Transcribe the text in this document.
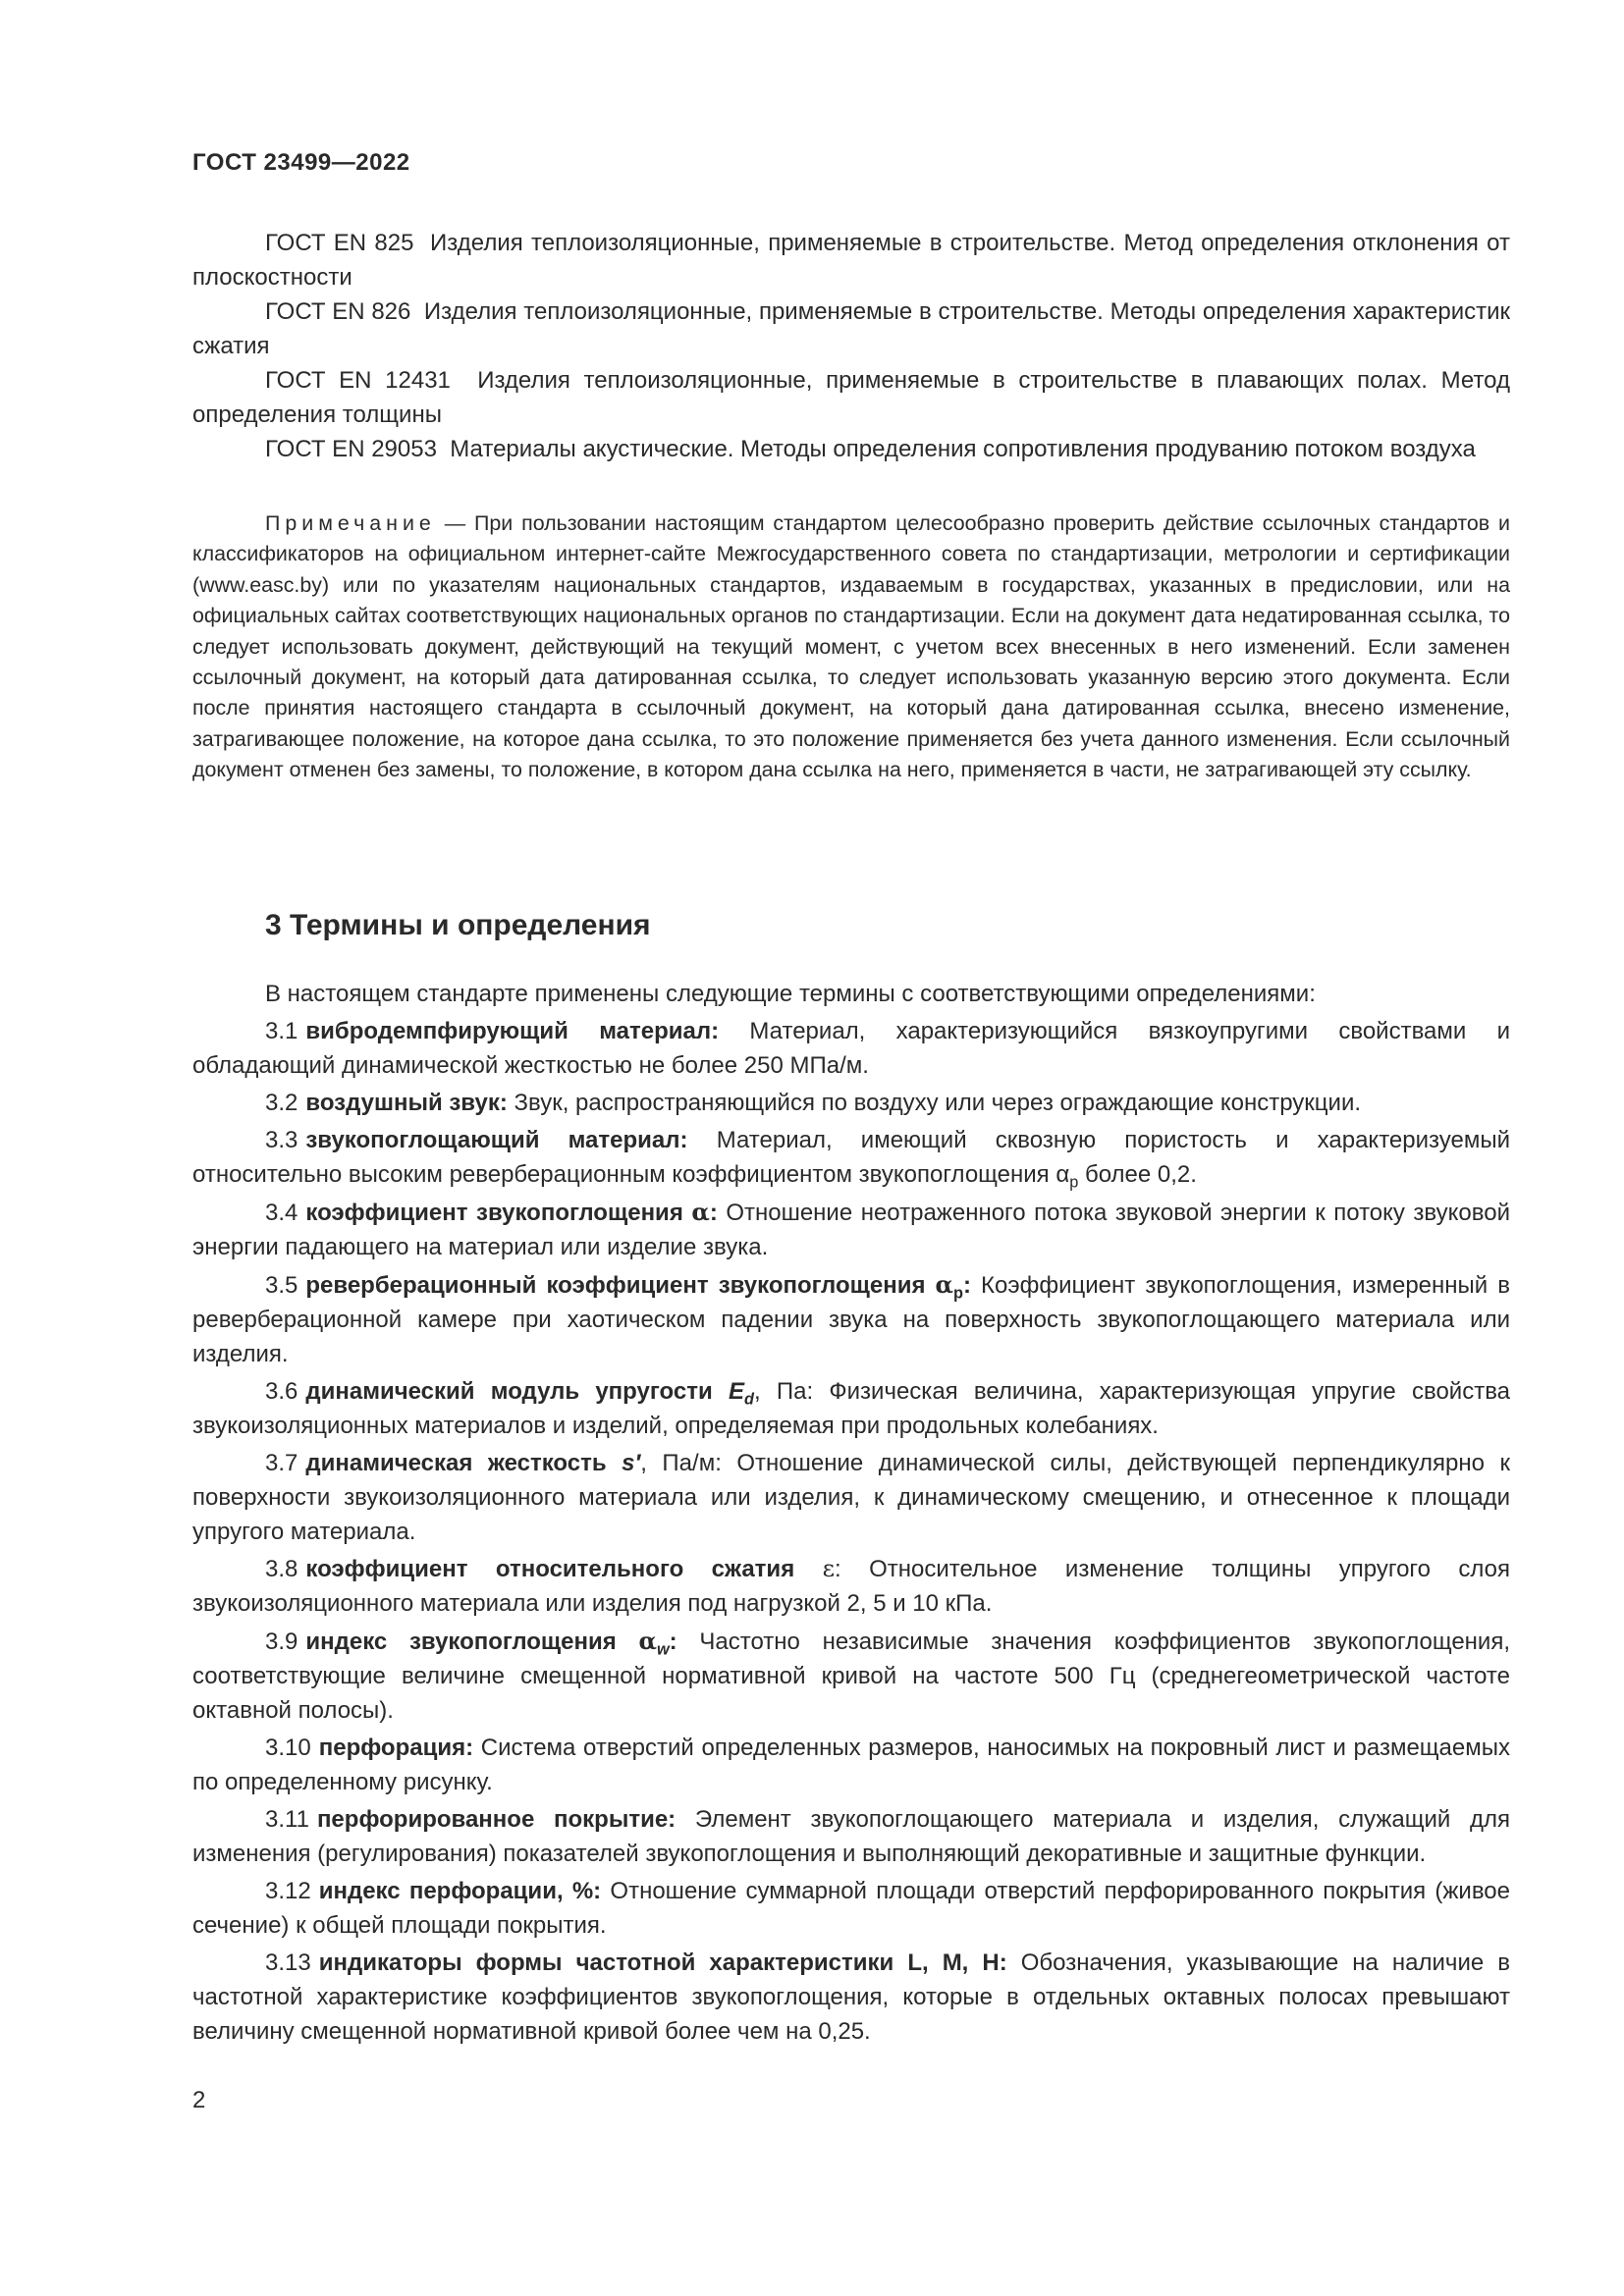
ГОСТ 23499—2022

ГОСТ EN 825 Изделия теплоизоляционные, применяемые в строительстве. Метод определения отклонения от плоскостности

ГОСТ EN 826 Изделия теплоизоляционные, применяемые в строительстве. Методы определения характеристик сжатия

ГОСТ EN 12431 Изделия теплоизоляционные, применяемые в строительстве в плавающих полах. Метод определения толщины

ГОСТ EN 29053 Материалы акустические. Методы определения сопротивления продуванию потоком воздуха

Примечание — При пользовании настоящим стандартом целесообразно проверить действие ссылочных стандартов и классификаторов на официальном интернет-сайте Межгосударственного совета по стандартизации, метрологии и сертификации (www.easc.by) или по указателям национальных стандартов, издаваемым в государствах, указанных в предисловии, или на официальных сайтах соответствующих национальных органов по стандартизации. Если на документ дата недатированная ссылка, то следует использовать документ, действующий на текущий момент, с учетом всех внесенных в него изменений. Если заменен ссылочный документ, на который дата датированная ссылка, то следует использовать указанную версию этого документа. Если после принятия настоящего стандарта в ссылочный документ, на который дана датированная ссылка, внесено изменение, затрагивающее положение, на которое дана ссылка, то это положение применяется без учета данного изменения. Если ссылочный документ отменен без замены, то положение, в котором дана ссылка на него, применяется в части, не затрагивающей эту ссылку.
3 Термины и определения

В настоящем стандарте применены следующие термины с соответствующими определениями:

3.1 вибродемпфирующий материал: Материал, характеризующийся вязкоупругими свойствами и обладающий динамической жесткостью не более 250 МПа/м.

3.2 воздушный звук: Звук, распространяющийся по воздуху или через ограждающие конструкции.

3.3 звукопоглощающий материал: Материал, имеющий сквозную пористость и характеризуемый относительно высоким реверберационным коэффициентом звукопоглощения $\alpha_p$ более 0,2.

3.4 коэффициент звукопоглощения α: Отношение неотраженного потока звуковой энергии к потоку звуковой энергии падающего на материал или изделие звука.

3.5 реверберационный коэффициент звукопоглощения $\alpha_p$: Коэффициент звукопоглощения, измеренный в реверберационной камере при хаотическом падении звука на поверхность звукопоглощающего материала или изделия.

3.6 динамический модуль упругости $E_d$, Па: Физическая величина, характеризующая упругие свойства звукоизоляционных материалов и изделий, определяемая при продольных колебаниях.

3.7 динамическая жесткость s′, Па/м: Отношение динамической силы, действующей перпендикулярно к поверхности звукоизоляционного материала или изделия, к динамическому смещению, и отнесенное к площади упругого материала.

3.8 коэффициент относительного сжатия ε: Относительное изменение толщины упругого слоя звукоизоляционного материала или изделия под нагрузкой 2, 5 и 10 кПа.

3.9 индекс звукопоглощения $\alpha_w$: Частотно независимые значения коэффициентов звукопоглощения, соответствующие величине смещенной нормативной кривой на частоте 500 Гц (среднегеометрической частоте октавной полосы).

3.10 перфорация: Система отверстий определенных размеров, наносимых на покровный лист и размещаемых по определенному рисунку.

3.11 перфорированное покрытие: Элемент звукопоглощающего материала и изделия, служащий для изменения (регулирования) показателей звукопоглощения и выполняющий декоративные и защитные функции.

3.12 индекс перфорации, %: Отношение суммарной площади отверстий перфорированного покрытия (живое сечение) к общей площади покрытия.

3.13 индикаторы формы частотной характеристики L, M, H: Обозначения, указывающие на наличие в частотной характеристике коэффициентов звукопоглощения, которые в отдельных октавных полосах превышают величину смещенной нормативной кривой более чем на 0,25.

2
